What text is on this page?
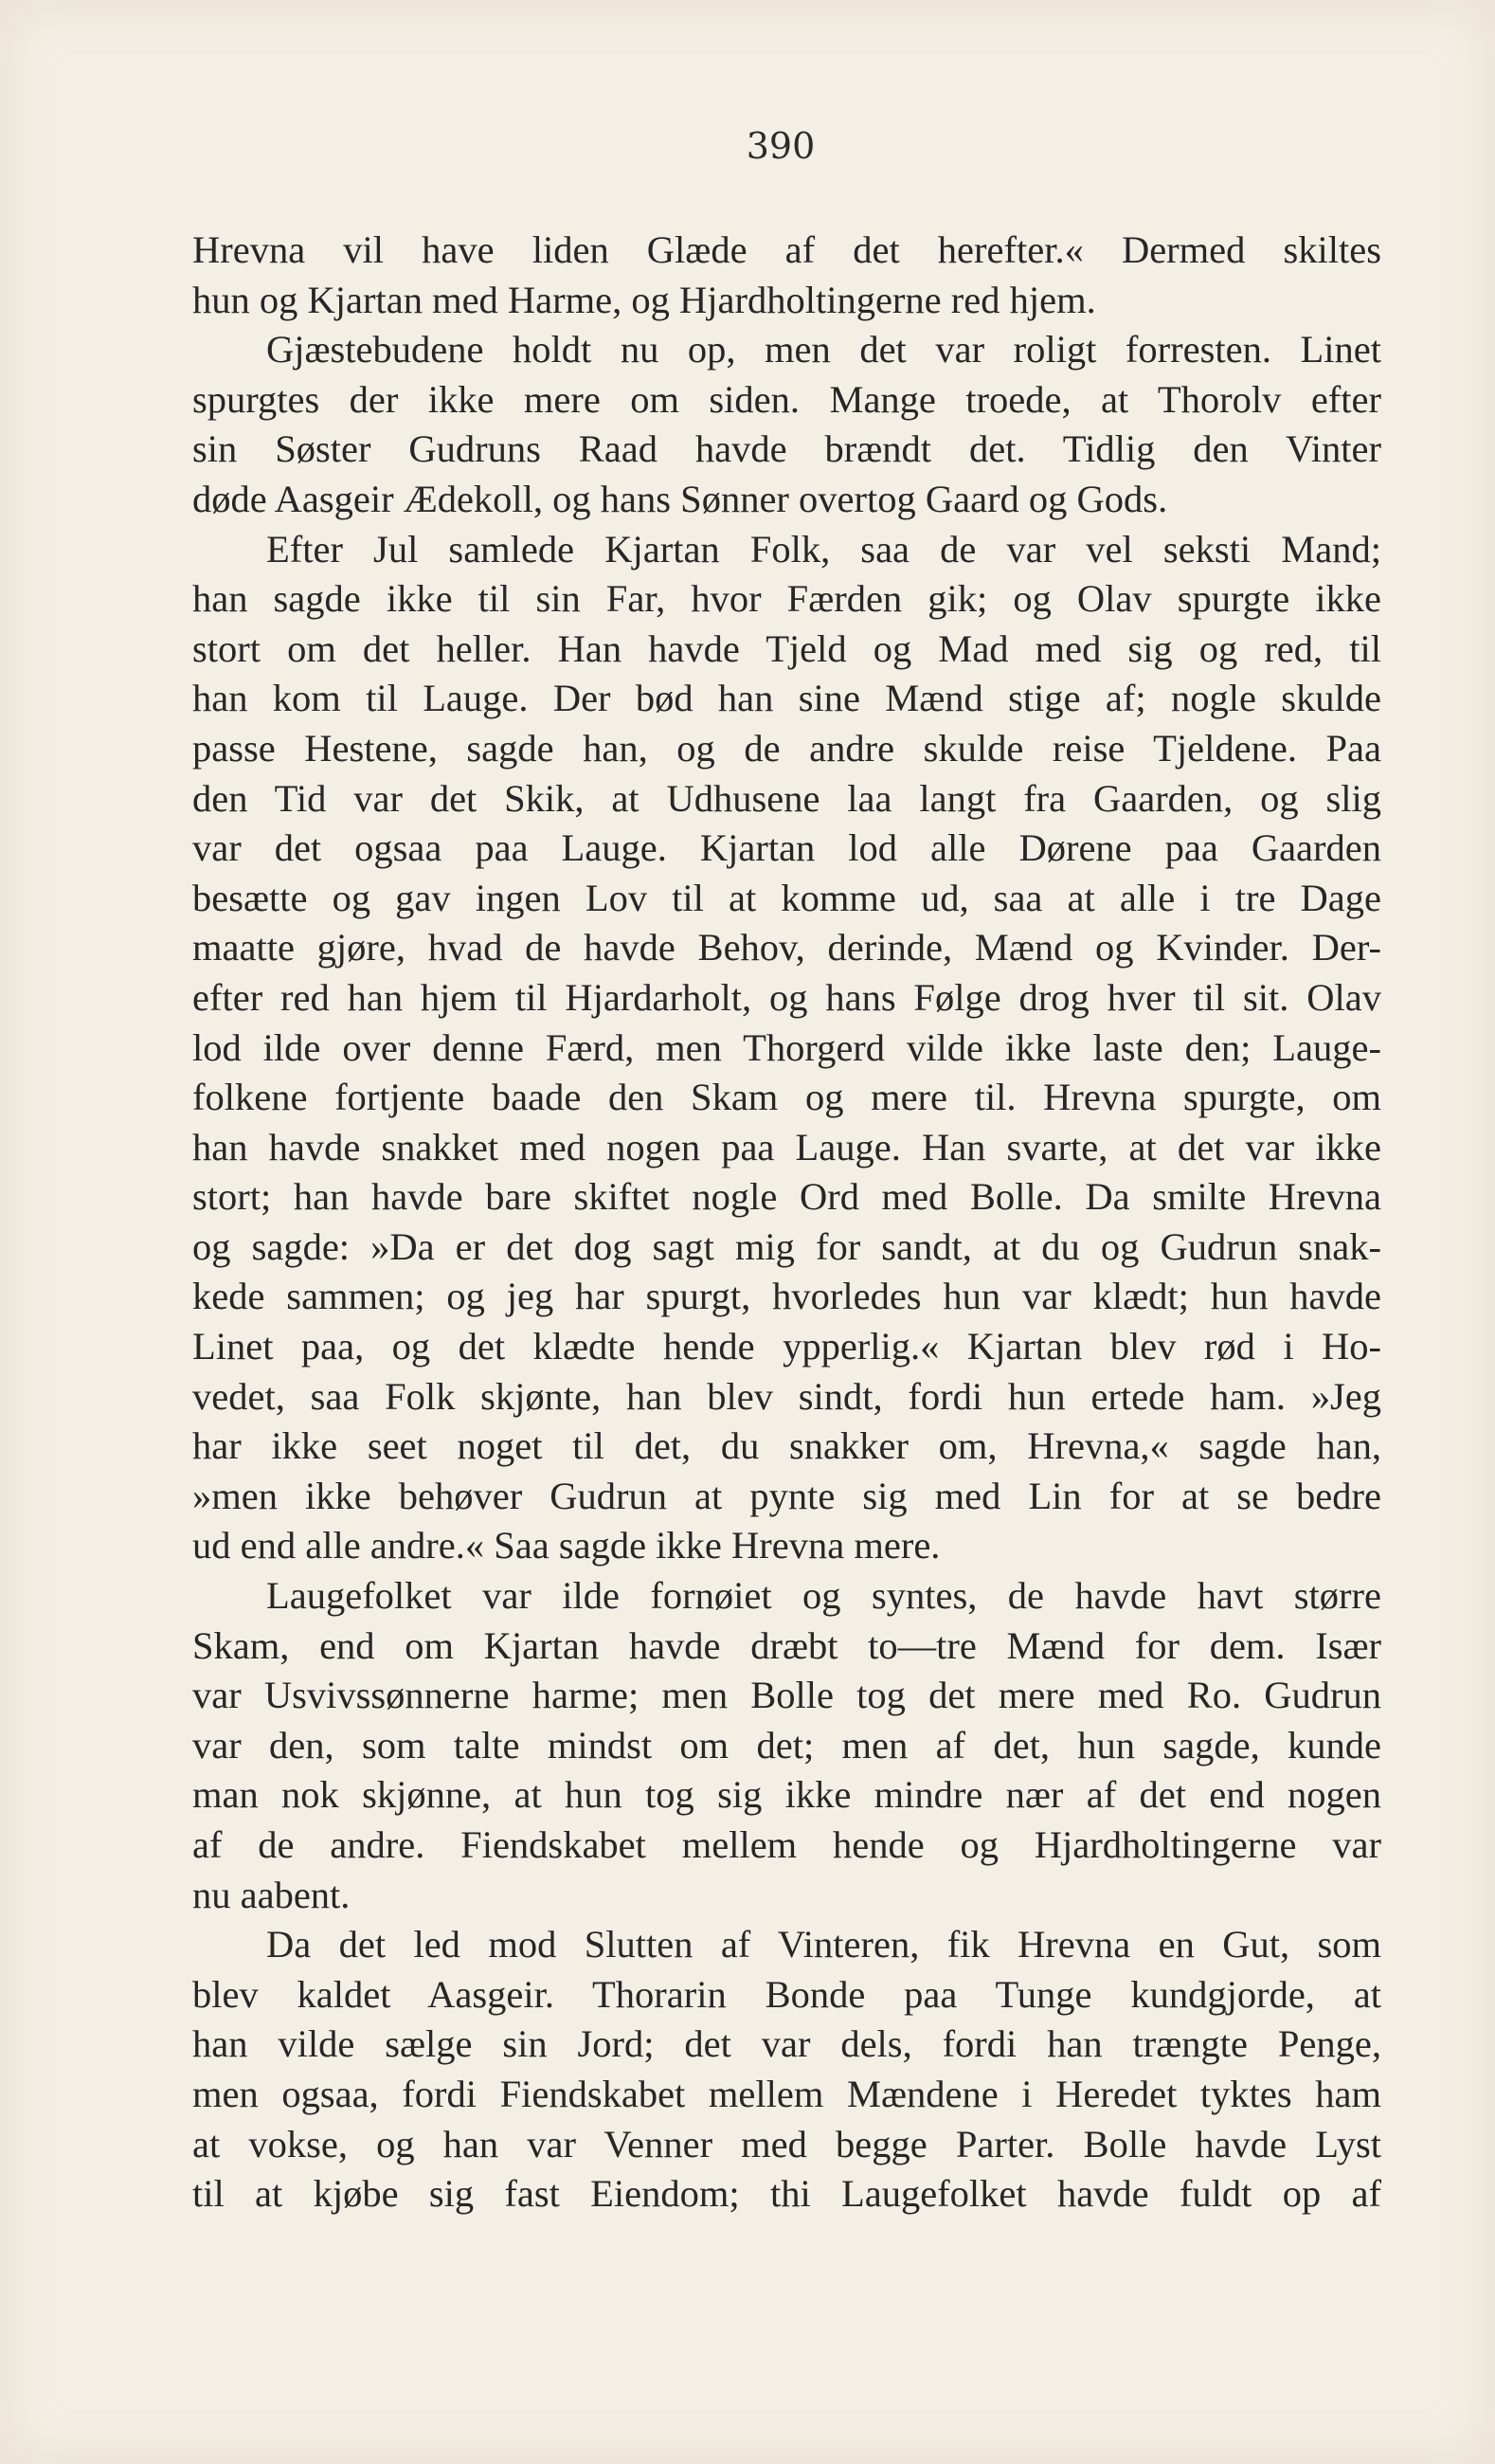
390

Hrevna vil have liden Glæde af det herefter.« Dermed skiltes

hun og Kjartan med Harme, og Hjardholtingerne red hjem.

Gjæstebudene holdt nu op, men det var roligt forresten. Linet

spurgtes der ikke mere om siden. Mange troede, at Thorolv efter

sin Søster Gudruns Raad havde brændt det. Tidlig den Vinter

døde Aasgeir Ædekoll, og hans Sønner overtog Gaard og Gods.

Efter Jul samlede Kjartan Folk, saa de var vel seksti Mand;

han sagde ikke til sin Far, hvor Færden gik; og Olav spurgte ikke

stort om det heller. Han havde Tjeld og Mad med sig og red, til

han kom til Lauge. Der bød han sine Mænd stige af; nogle skulde

passe Hestene, sagde han, og de andre skulde reise Tjeldene. Paa

den Tid var det Skik, at Udhusene laa langt fra Gaarden, og slig

var det ogsaa paa Lauge. Kjartan lod alle Dørene paa Gaarden

besætte og gav ingen Lov til at komme ud, saa at alle i tre Dage

maatte gjøre, hvad de havde Behov, derinde, Mænd og Kvinder. Der-

efter red han hjem til Hjardarholt, og hans Følge drog hver til sit. Olav

lod ilde over denne Færd, men Thorgerd vilde ikke laste den; Lauge-

folkene fortjente baade den Skam og mere til. Hrevna spurgte, om

han havde snakket med nogen paa Lauge. Han svarte, at det var ikke

stort; han havde bare skiftet nogle Ord med Bolle. Da smilte Hrevna

og sagde: »Da er det dog sagt mig for sandt, at du og Gudrun snak-

kede sammen; og jeg har spurgt, hvorledes hun var klædt; hun havde

Linet paa, og det klædte hende ypperlig.« Kjartan blev rød i Ho-

vedet, saa Folk skjønte, han blev sindt, fordi hun ertede ham. »Jeg

har ikke seet noget til det, du snakker om, Hrevna,« sagde han,

»men ikke behøver Gudrun at pynte sig med Lin for at se bedre

ud end alle andre.« Saa sagde ikke Hrevna mere.

Laugefolket var ilde fornøiet og syntes, de havde havt større

Skam, end om Kjartan havde dræbt to—tre Mænd for dem. Især

var Usvivssønnerne harme; men Bolle tog det mere med Ro. Gudrun

var den, som talte mindst om det; men af det, hun sagde, kunde

man nok skjønne, at hun tog sig ikke mindre nær af det end nogen

af de andre. Fiendskabet mellem hende og Hjardholtingerne var

nu aabent.

Da det led mod Slutten af Vinteren, fik Hrevna en Gut, som

blev kaldet Aasgeir. Thorarin Bonde paa Tunge kundgjorde, at

han vilde sælge sin Jord; det var dels, fordi han trængte Penge,

men ogsaa, fordi Fiendskabet mellem Mændene i Heredet tyktes ham

at vokse, og han var Venner med begge Parter. Bolle havde Lyst

til at kjøbe sig fast Eiendom; thi Laugefolket havde fuldt op af
